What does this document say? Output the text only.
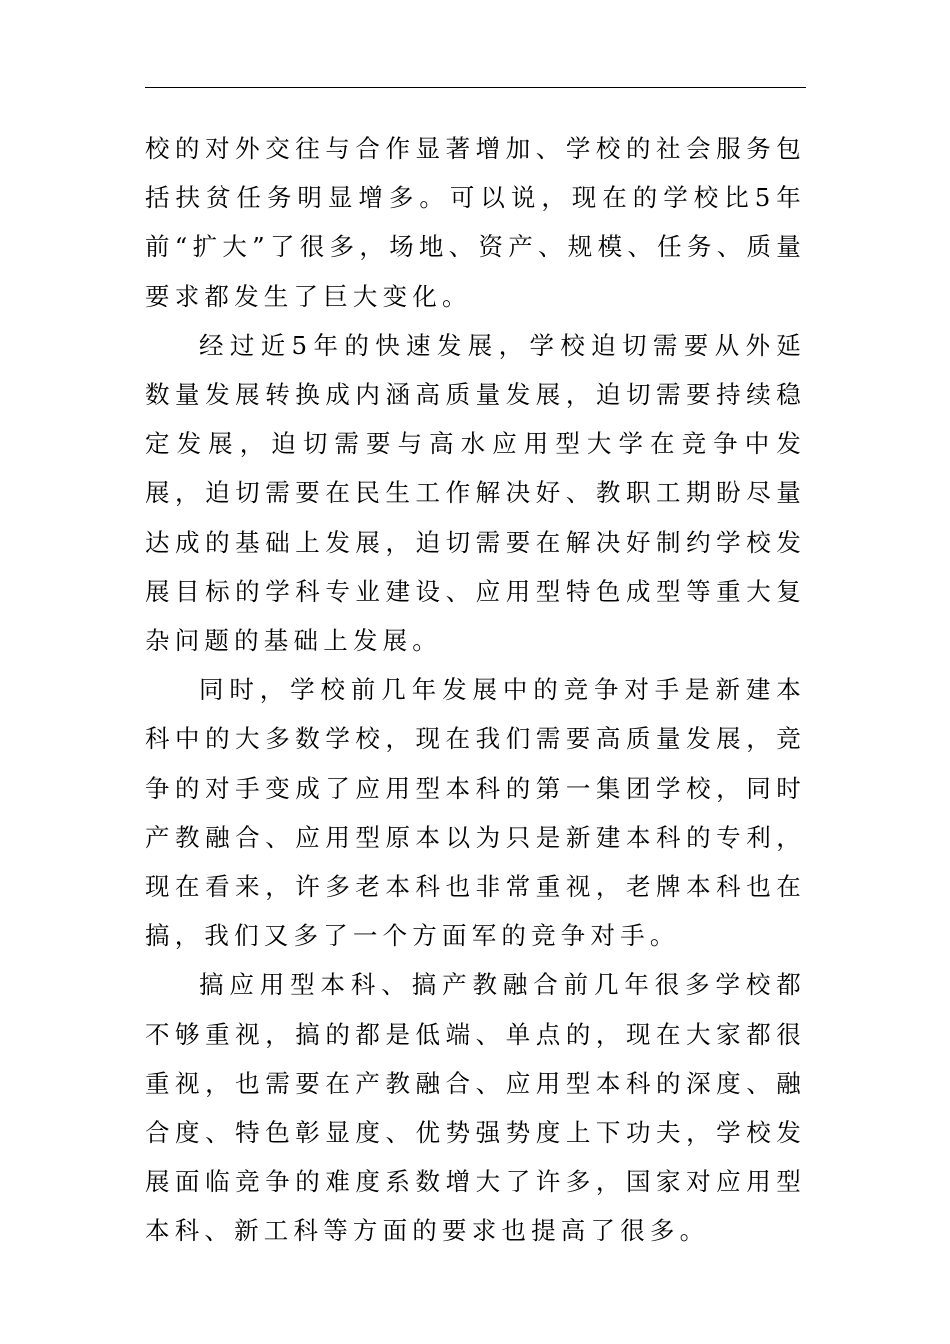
校的对外交往与合作显著增加、学校的社会服务包括扶贫任务明显增多。可以说，现在的学校比5年前“扩大”了很多，场地、资产、规模、任务、质量要求都发生了巨大变化。

经过近5年的快速发展，学校迫切需要从外延数量发展转换成内涵高质量发展，迫切需要持续稳定发展，迫切需要与高水应用型大学在竞争中发展，迫切需要在民生工作解决好、教职工期盼尽量达成的基础上发展，迫切需要在解决好制约学校发展目标的学科专业建设、应用型特色成型等重大复杂问题的基础上发展。

同时，学校前几年发展中的竞争对手是新建本科中的大多数学校，现在我们需要高质量发展，竞争的对手变成了应用型本科的第一集团学校，同时产教融合、应用型原本以为只是新建本科的专利，现在看来，许多老本科也非常重视，老牌本科也在搞，我们又多了一个方面军的竞争对手。

搞应用型本科、搞产教融合前几年很多学校都不够重视，搞的都是低端、单点的，现在大家都很重视，也需要在产教融合、应用型本科的深度、融合度、特色彰显度、优势强势度上下功夫，学校发展面临竞争的难度系数增大了许多，国家对应用型本科、新工科等方面的要求也提高了很多。
